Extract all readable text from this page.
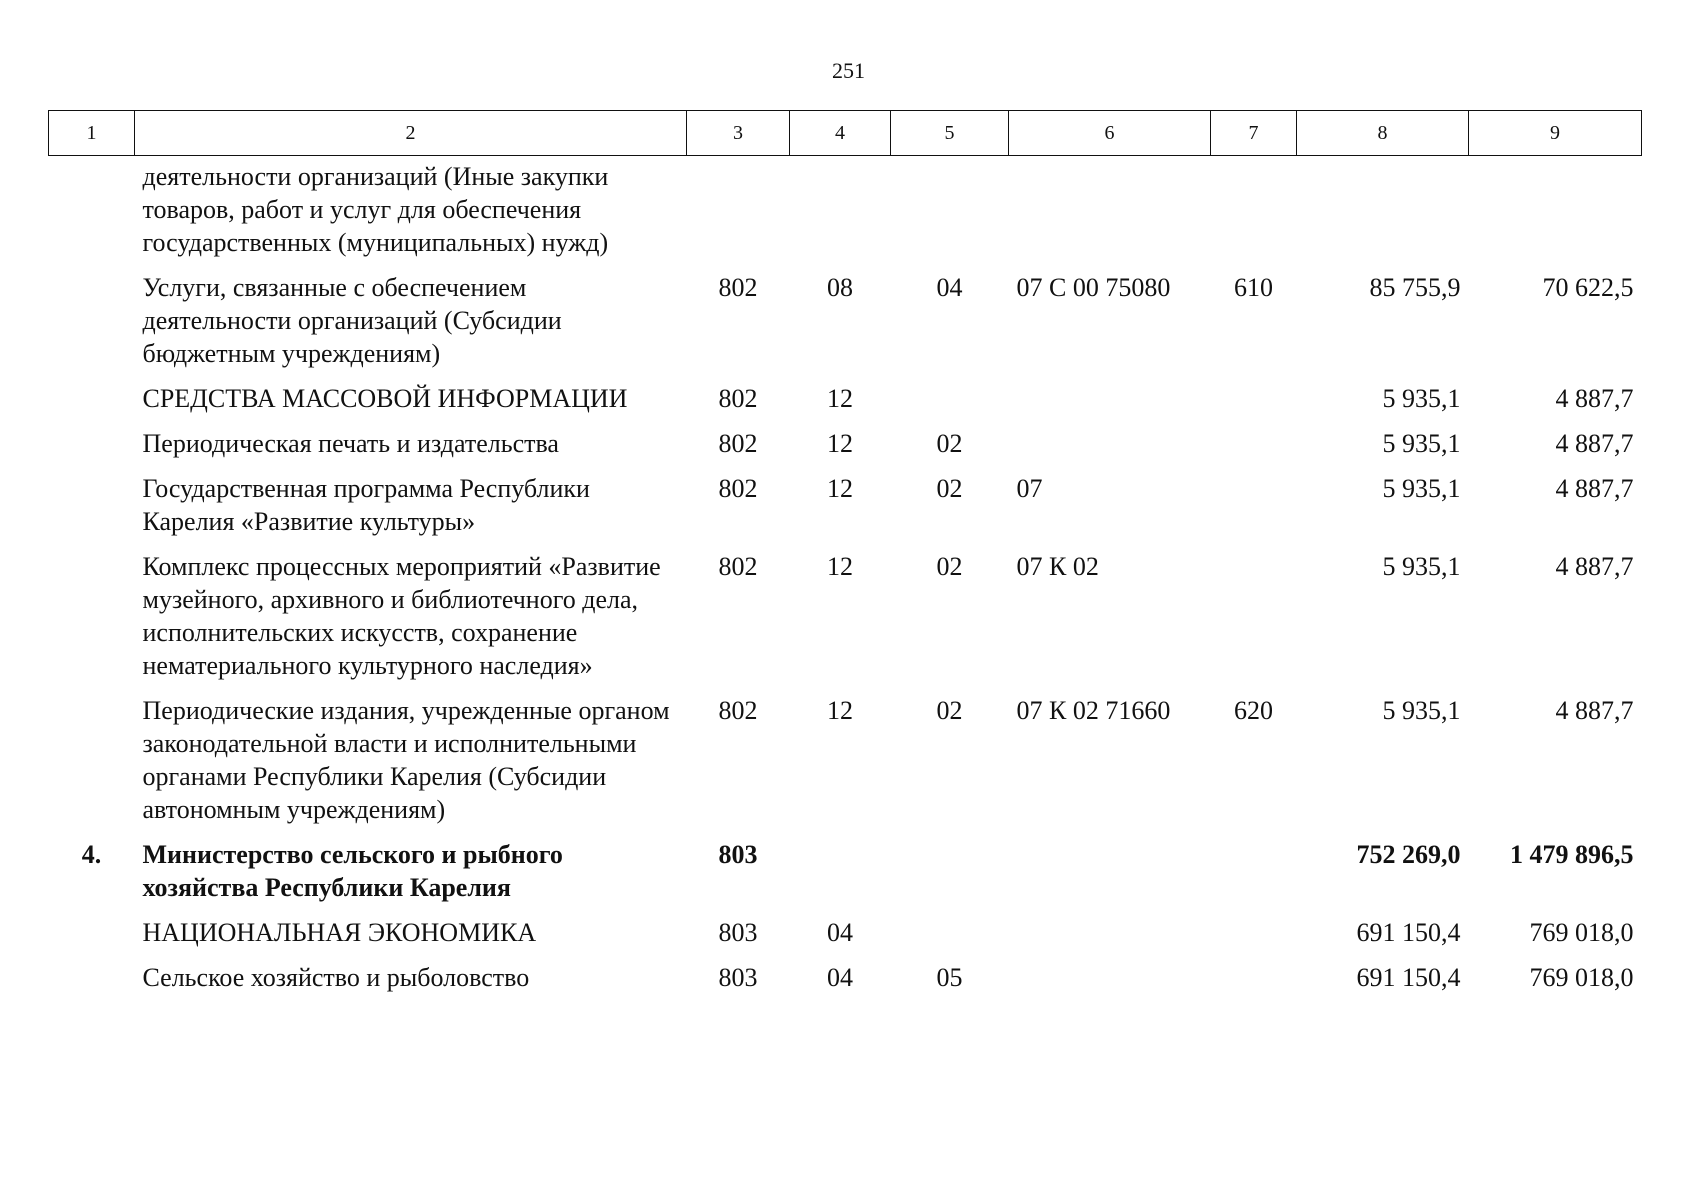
251
1	2	3	4	5	6	7	8	9
	деятельности организаций (Иные закупки товаров, работ и услуг для обеспечения государственных (муниципальных) нужд)							
	Услуги, связанные с обеспечением деятельности организаций (Субсидии бюджетным учреждениям)	802	08	04	07 С 00 75080	610	85 755,9	70 622,5
	СРЕДСТВА МАССОВОЙ ИНФОРМАЦИИ	802	12				5 935,1	4 887,7
	Периодическая печать и издательства	802	12	02			5 935,1	4 887,7
	Государственная программа Республики Карелия «Развитие культуры»	802	12	02	07		5 935,1	4 887,7
	Комплекс процессных мероприятий «Развитие музейного, архивного и библиотечного дела, исполнительских искусств, сохранение нематериального культурного наследия»	802	12	02	07 К 02		5 935,1	4 887,7
	Периодические издания, учрежденные органом законодательной власти и исполнительными органами Республики Карелия (Субсидии автономным учреждениям)	802	12	02	07 К 02 71660	620	5 935,1	4 887,7
4.	Министерство сельского и рыбного хозяйства Республики Карелия	803					752 269,0	1 479 896,5
	НАЦИОНАЛЬНАЯ ЭКОНОМИКА	803	04				691 150,4	769 018,0
	Сельское хозяйство и рыболовство	803	04	05			691 150,4	769 018,0
